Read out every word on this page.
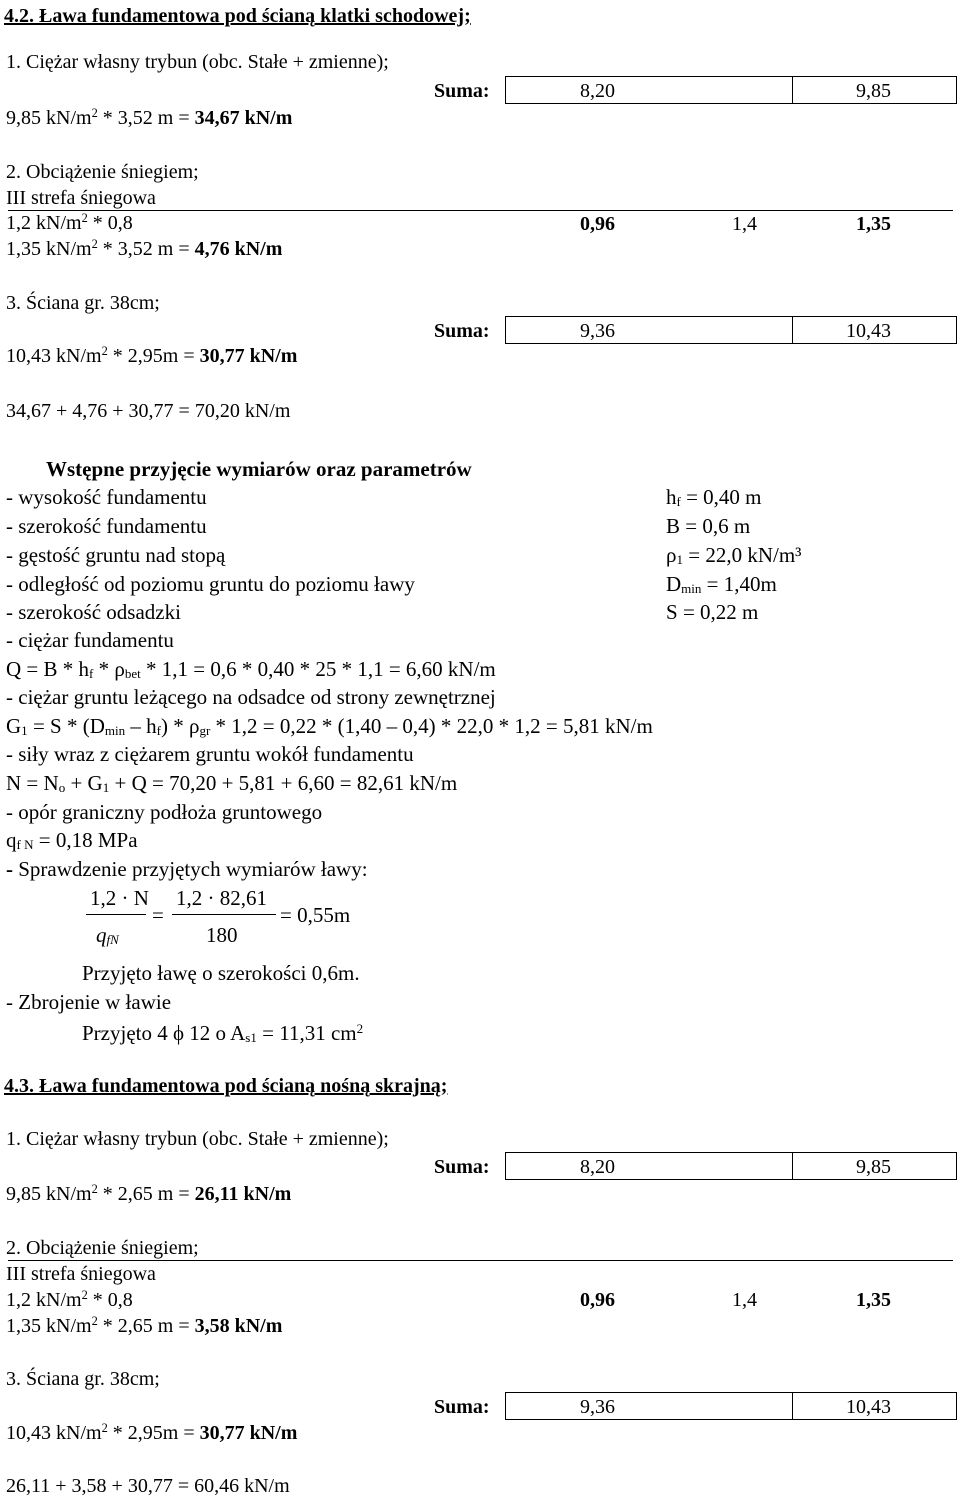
4.2. Ława fundamentowa pod ścianą klatki schodowej;
1. Ciężar własny trybun (obc. Stałe + zmienne);
Suma:	8,20	9,85
9,85 $kN/m^2 * 3,52$ m = 34,67 kN/m
2. Obciążenie śniegiem;
III strefa śniegowa
1,2 $kN/m^2 * 0,8$	0,96	1,4	1,35
1,35 $kN/m^2 * 3,52$ m = 4,76 kN/m
3. Ściana gr. 38cm;
Suma:	9,36	10,43
10,43 $kN/m^2 * 2,95m = 30,77$ kN/m
34,67 + 4,76 + 30,77 = 70,20 kN/m
Wstępne przyjęcie wymiarów oraz parametrów
- wysokość fundamentu	$h_f = 0,40$ m
- szerokość fundamentu	B = 0,6 m
- gęstość gruntu nad stopą	$\rho_1 = 22,0$ kN/m³
- odległość od poziomu gruntu do poziomu ławy	$D_{min} = 1,40m$
- szerokość odsadzki	S = 0,22 m
- ciężar fundamentu
$Q = B * h_f * \rho_{bet} * 1,1 = 0,6 * 0,40 * 25 * 1,1 = 6,60$ kN/m
- ciężar gruntu leżącego na odsadce od strony zewnętrznej
$G_1 = S * (D_{min} - h_f) * \rho_{gr} * 1,2 = 0,22 * (1,40 - 0,4) * 22,0 * 1,2 = 5,81$ kN/m
- siły wraz z ciężarem gruntu wokół fundamentu
$N = N_o + G_1 + Q = 70,20 + 5,81 + 6,60 = 82,61$ kN/m
- opór graniczny podłoża gruntowego
$q_{f N} = 0,18$ MPa
- Sprawdzenie przyjętych wymiarów ławy:
1,2 · N
=
$q_{fN}$
1,2 · 82,61
180
= 0,55m
Przyjęto ławę o szerokości 0,6m.
- Zbrojenie w ławie
Przyjęto 4 ϕ 12 o $A_{s1} = 11,31$ $cm^2$
4.3. Ława fundamentowa pod ścianą nośną skrajną;
1. Ciężar własny trybun (obc. Stałe + zmienne);
Suma:	8,20	9,85
9,85 $kN/m^2 * 2,65$ m = 26,11 kN/m
2. Obciążenie śniegiem;
III strefa śniegowa
1,2 $kN/m^2 * 0,8$	0,96	1,4	1,35
1,35 $kN/m^2 * 2,65$ m = 3,58 kN/m
3. Ściana gr. 38cm;
Suma:	9,36	10,43
10,43 $kN/m^2 * 2,95m = 30,77$ kN/m
26,11 + 3,58 + 30,77 = 60,46 kN/m
